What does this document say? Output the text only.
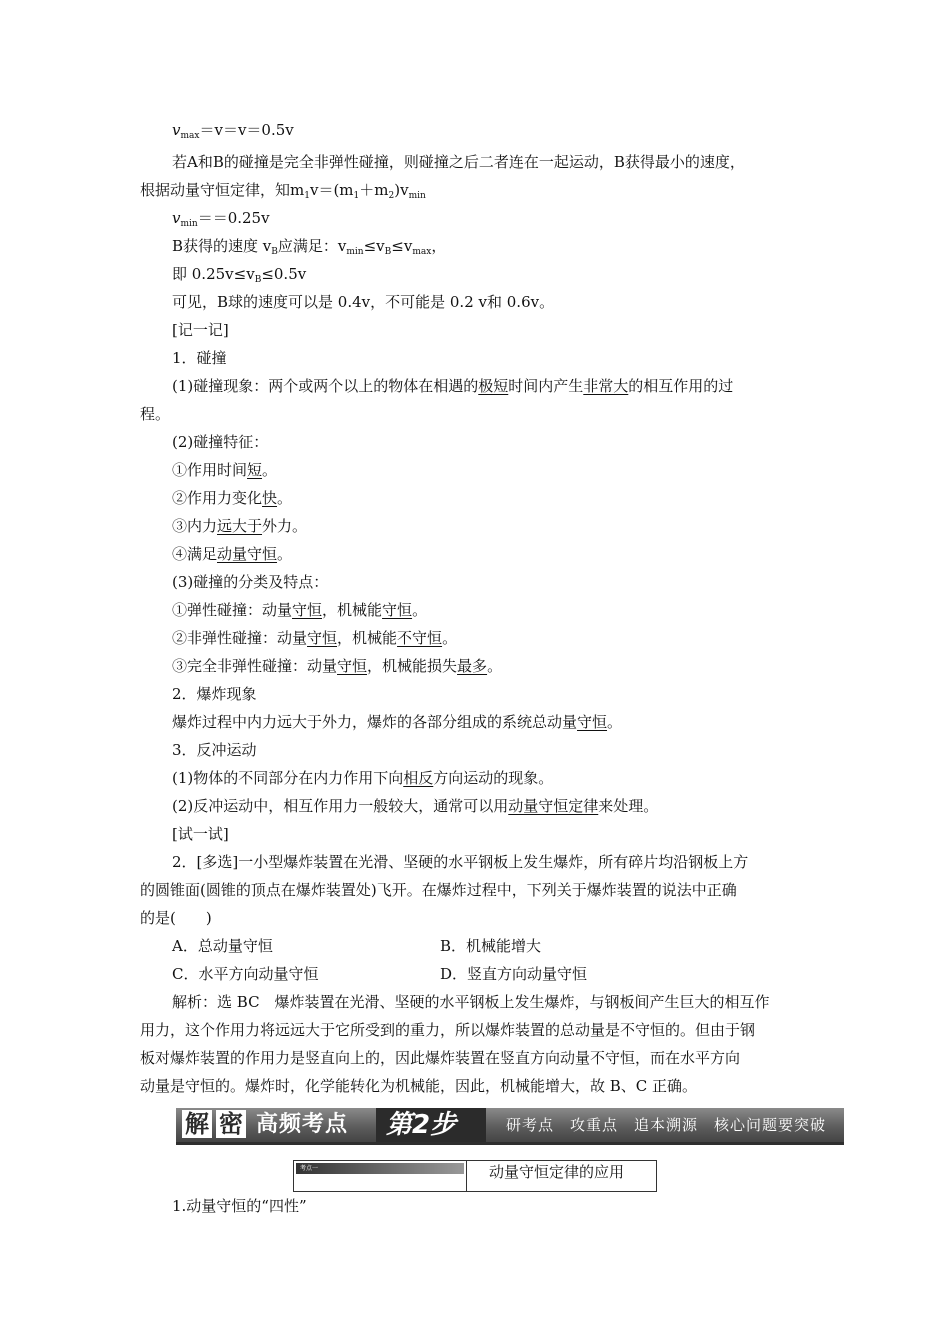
$v_{max}=v=v=0.5v$
若A和B的碰撞是完全非弹性碰撞，则碰撞之后二者连在一起运动，B获得最小的速度，
根据动量守恒定律，知$m_1v=(m_1+m_2)v_{min}$
$v_{min}==0.25v$
B获得的速度 $v_B$应满足：$v_{min}\le v_B\le v_{max}$，
即 $0.25v\le v_B\le 0.5v$
可见，B球的速度可以是 0.4v，不可能是 0.2 v和 0.6v。
[记一记]
1．碰撞
(1)碰撞现象：两个或两个以上的物体在相遇的极短时间内产生非常大的相互作用的过
程。
(2)碰撞特征：
①作用时间短。
②作用力变化快。
③内力远大于外力。
④满足动量守恒。
(3)碰撞的分类及特点：
①弹性碰撞：动量守恒，机械能守恒。
②非弹性碰撞：动量守恒，机械能不守恒。
③完全非弹性碰撞：动量守恒，机械能损失最多。
2．爆炸现象
爆炸过程中内力远大于外力，爆炸的各部分组成的系统总动量守恒。
3．反冲运动
(1)物体的不同部分在内力作用下向相反方向运动的现象。
(2)反冲运动中，相互作用力一般较大，通常可以用动量守恒定律来处理。
[试一试]
2．[多选]一小型爆炸装置在光滑、坚硬的水平钢板上发生爆炸，所有碎片均沿钢板上方
的圆锥面(圆锥的顶点在爆炸装置处)飞开。在爆炸过程中，下列关于爆炸装置的说法中正确
的是(　　)
A．总动量守恒	B．机械能增大
C．水平方向动量守恒	D．竖直方向动量守恒
解析：选 BC　爆炸装置在光滑、坚硬的水平钢板上发生爆炸，与钢板间产生巨大的相互作
用力，这个作用力将远远大于它所受到的重力，所以爆炸装置的总动量是不守恒的。但由于钢
板对爆炸装置的作用力是竖直向上的，因此爆炸装置在竖直方向动量不守恒，而在水平方向
动量是守恒的。爆炸时，化学能转化为机械能，因此，机械能增大，故 B、C 正确。
解 密 高频考点	第2步	研考点　攻重点　追本溯源　核心问题要突破
考点一	动量守恒定律的应用
1.动量守恒的“四性”
